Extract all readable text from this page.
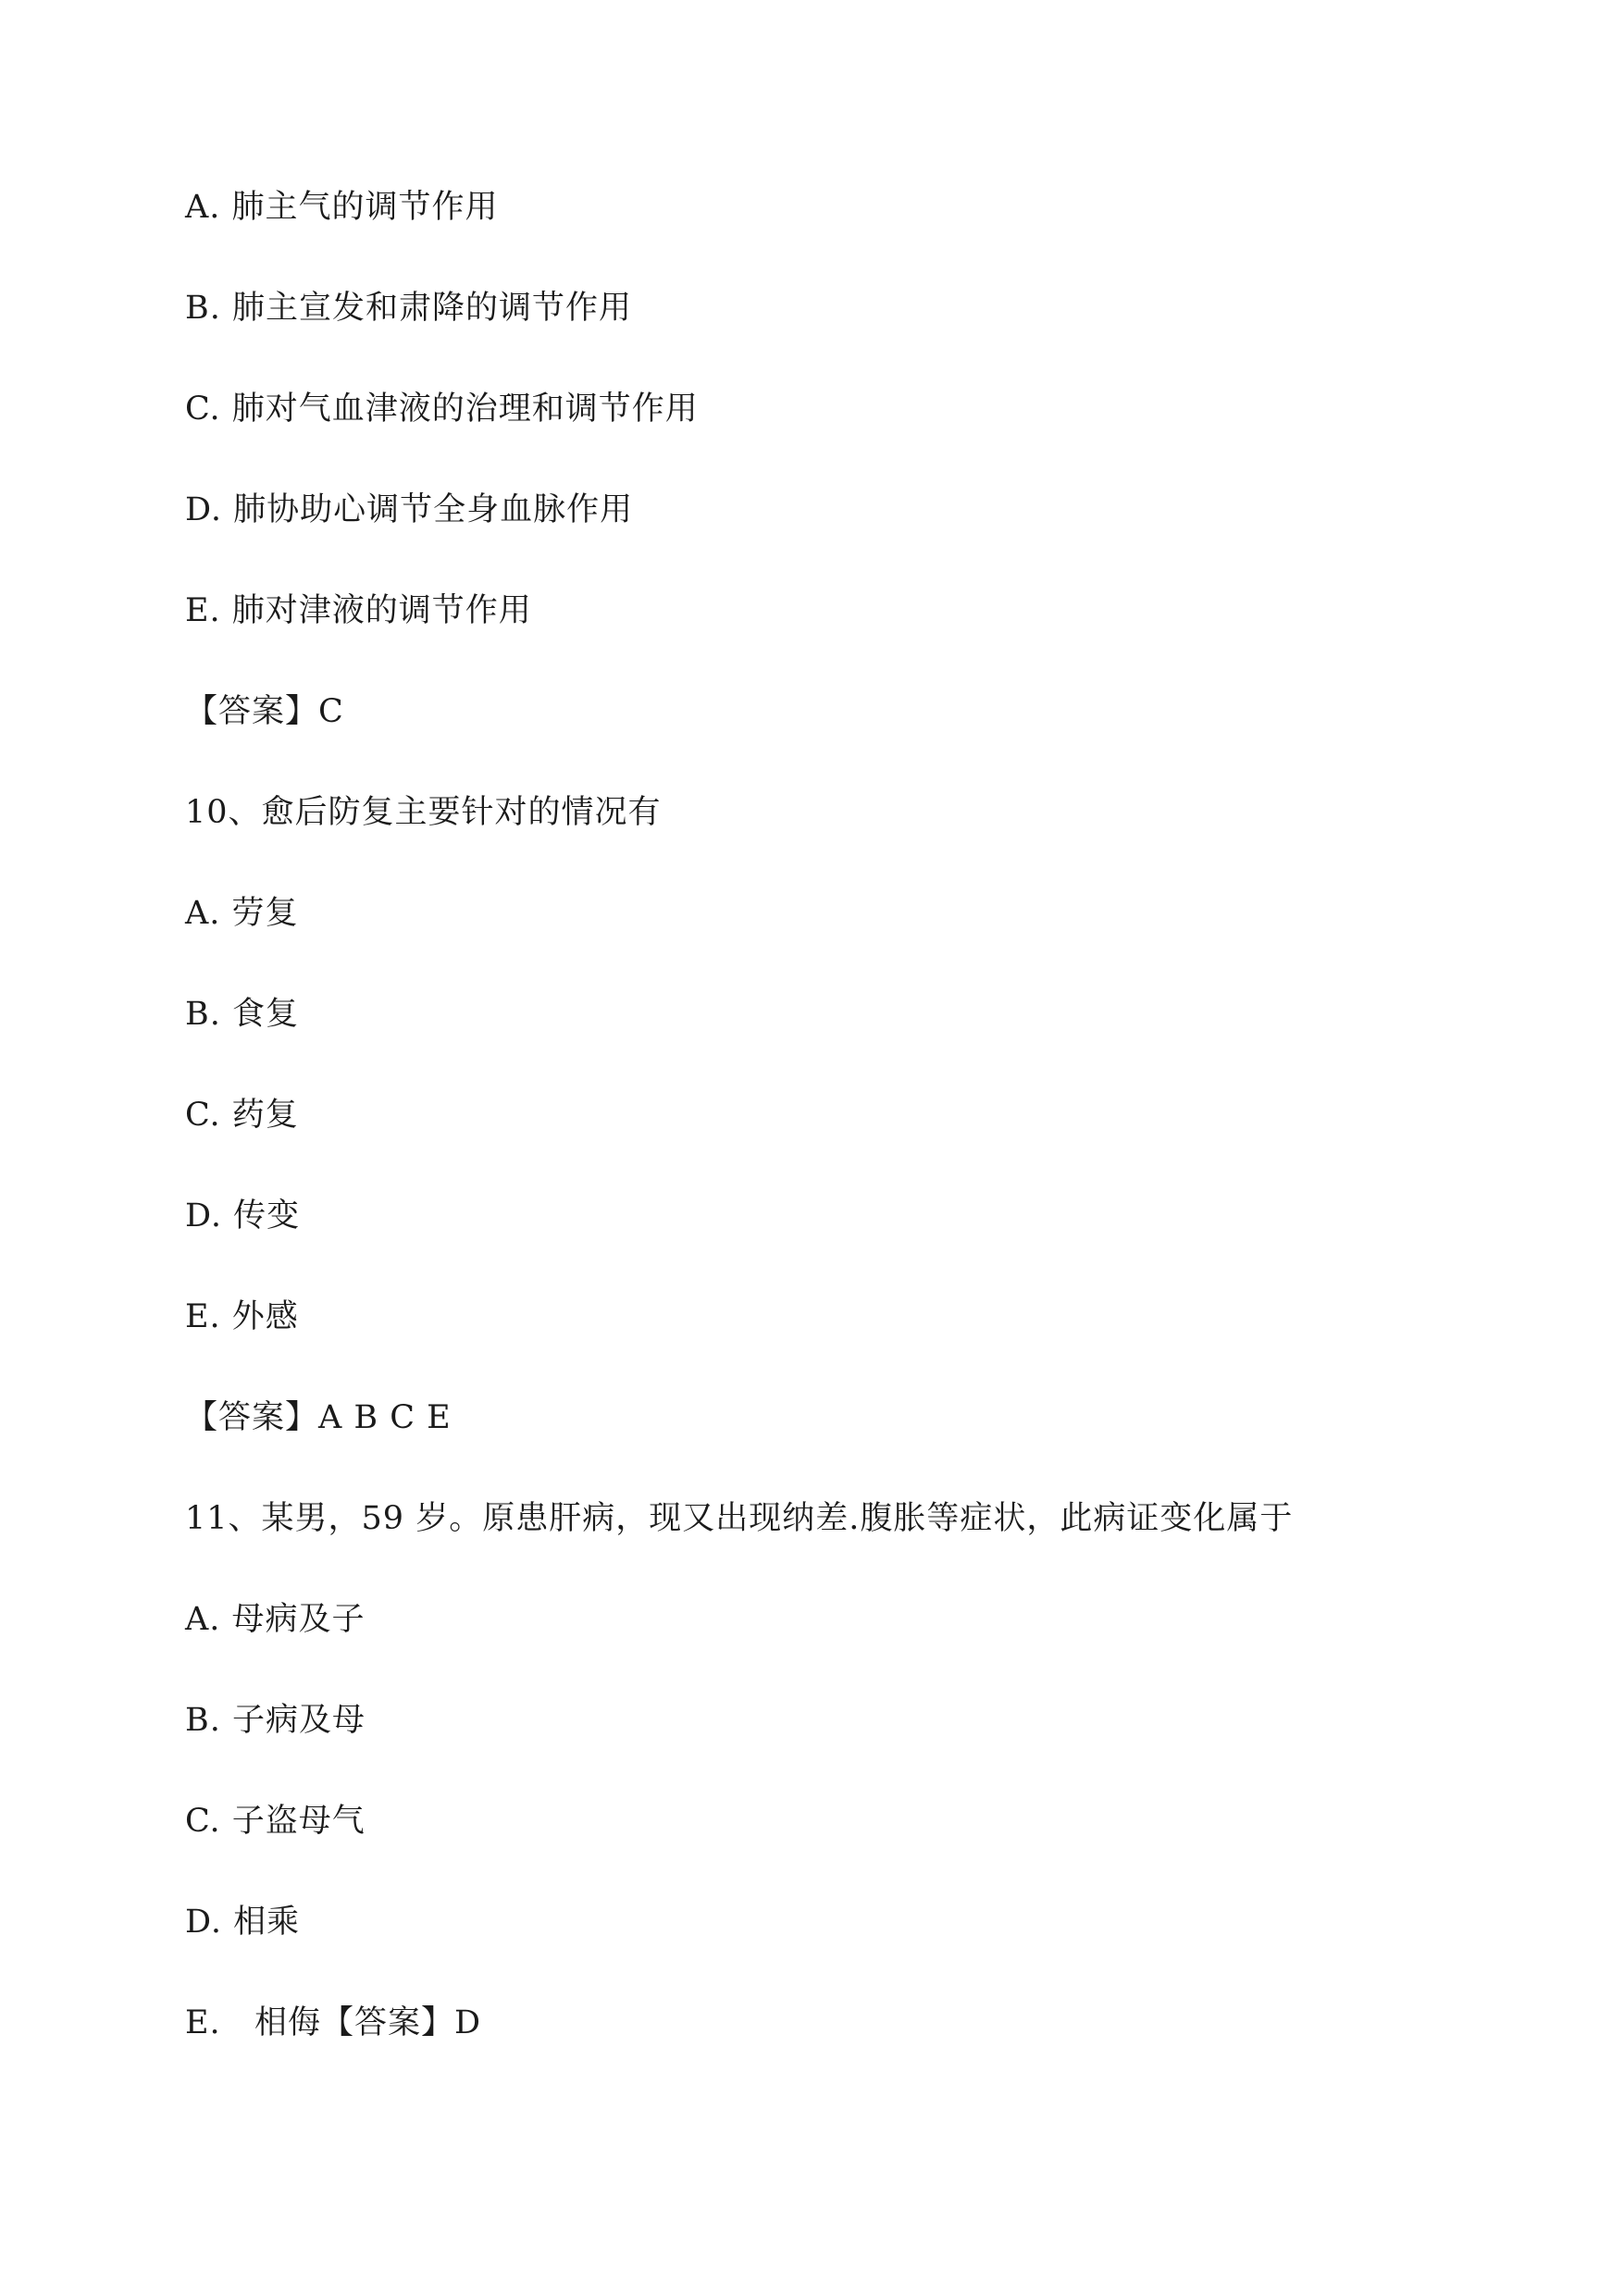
A. 肺主气的调节作用
B. 肺主宣发和肃降的调节作用
C. 肺对气血津液的治理和调节作用
D. 肺协助心调节全身血脉作用
E. 肺对津液的调节作用
【答案】C
10、愈后防复主要针对的情况有
A. 劳复
B. 食复
C. 药复
D. 传变
E. 外感
【答案】A B C E
11、某男，59 岁。原患肝病，现又出现纳差.腹胀等症状，此病证变化属于
A. 母病及子
B. 子病及母
C. 子盗母气
D. 相乘
E.   相侮【答案】D
